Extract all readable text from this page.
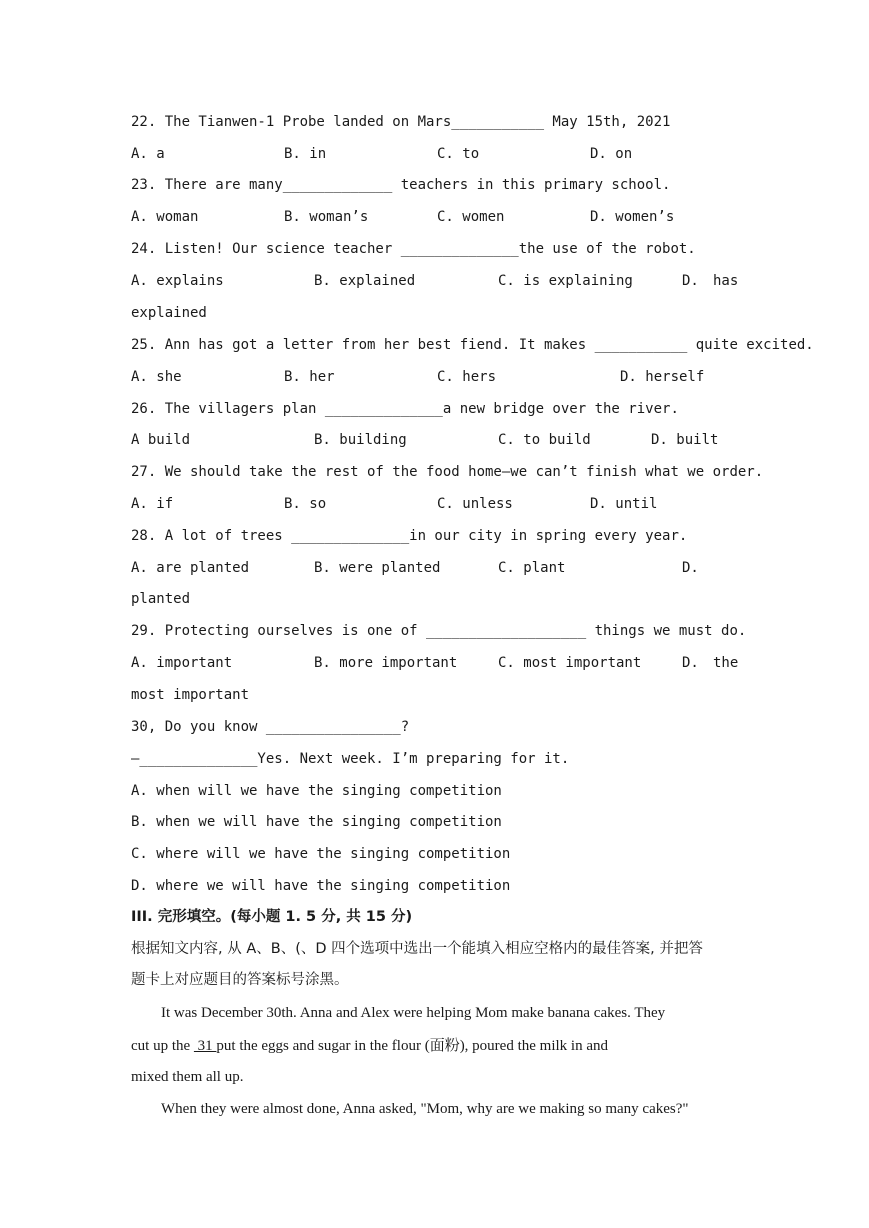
22. The Tianwen-1 Probe landed on Mars___________ May 15th, 2021
A. a	B. in	C. to	D. on
23. There are many_____________ teachers in this primary school.
A. woman	B. woman’s	C. women	D. women’s
24. Listen! Our science teacher ______________the use of the robot.
A. explains	B. explained	C. is explaining	D. has
explained
25. Ann has got a letter from her best fiend. It makes ___________ quite excited.
A. she	B. her	C. hers	D. herself
26. The villagers plan ______________a new bridge over the river.
A build	B. building	C. to build	D. built
27. We should take the rest of the food home—we can’t finish what we order.
A. if	B. so	C. unless	D. until
28. A lot of trees ______________in our city in spring every year.
A. are planted	B. were planted	C. plant	D.
planted
29. Protecting ourselves is one of ___________________ things we must do.
A. important	B. more important	C. most important	D. the
most important
30, Do you know ________________?
—______________Yes. Next week. I’m preparing for it.
A. when will we have the singing competition
B. when we will have the singing competition
C. where will we have the singing competition
D. where we will have the singing competition
III. 完形填空。(每小题 1. 5 分, 共 15 分)
根据知文内容, 从 A、B、(、D 四个选项中选出一个能填入相应空格内的最佳答案, 并把答
题卡上对应题目的答案标号涂黑。
It was December 30th. Anna and Alex were helping Mom make banana cakes. They
cut up the  31 put the eggs and sugar in the flour (面粉), poured the milk in and
mixed them all up.
When they were almost done, Anna asked, "Mom, why are we making so many cakes?"
